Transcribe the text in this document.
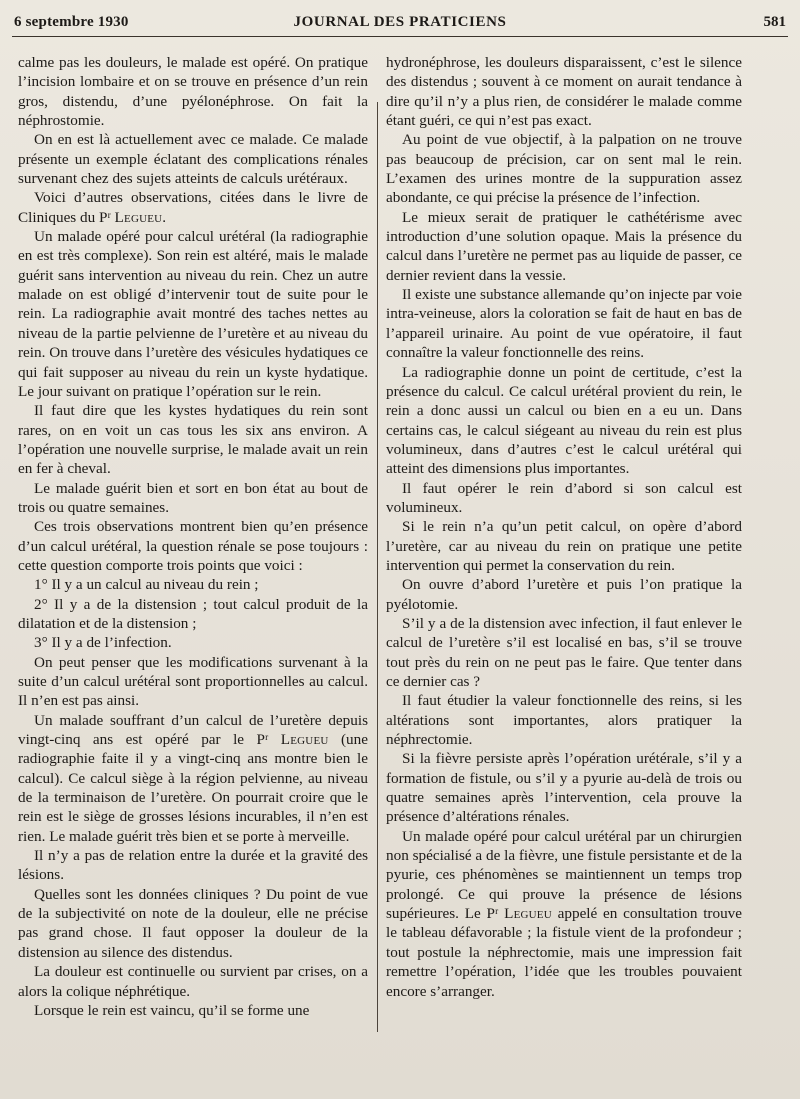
6 septembre 1930	JOURNAL DES PRATICIENS	581

calme pas les douleurs, le malade est opéré. On pratique l’incision lombaire et on se trouve en présence d’un rein gros, distendu, d’une pyélonéphrose. On fait la néphrostomie.

On en est là actuellement avec ce malade. Ce malade présente un exemple éclatant des complications rénales survenant chez des sujets atteints de calculs urétéraux.

Voici d’autres observations, citées dans le livre de Cliniques du Pʳ Legueu.

Un malade opéré pour calcul urétéral (la radiographie en est très complexe). Son rein est altéré, mais le malade guérit sans intervention au niveau du rein. Chez un autre malade on est obligé d’intervenir tout de suite pour le rein. La radiographie avait montré des taches nettes au niveau de la partie pelvienne de l’uretère et au niveau du rein. On trouve dans l’uretère des vésicules hydatiques ce qui fait supposer au niveau du rein un kyste hydatique. Le jour suivant on pratique l’opération sur le rein.

Il faut dire que les kystes hydatiques du rein sont rares, on en voit un cas tous les six ans environ. A l’opération une nouvelle surprise, le malade avait un rein en fer à cheval.

Le malade guérit bien et sort en bon état au bout de trois ou quatre semaines.

Ces trois observations montrent bien qu’en présence d’un calcul urétéral, la question rénale se pose toujours : cette question comporte trois points que voici :

1° Il y a un calcul au niveau du rein ;

2° Il y a de la distension ; tout calcul produit de la dilatation et de la distension ;

3° Il y a de l’infection.

On peut penser que les modifications survenant à la suite d’un calcul urétéral sont proportionnelles au calcul. Il n’en est pas ainsi.

Un malade souffrant d’un calcul de l’uretère depuis vingt-cinq ans est opéré par le Pʳ Legueu (une radiographie faite il y a vingt-cinq ans montre bien le calcul). Ce calcul siège à la région pelvienne, au niveau de la terminaison de l’uretère. On pourrait croire que le rein est le siège de grosses lésions incurables, il n’en est rien. Le malade guérit très bien et se porte à merveille.

Il n’y a pas de relation entre la durée et la gravité des lésions.

Quelles sont les données cliniques ? Du point de vue de la subjectivité on note de la douleur, elle ne précise pas grand chose. Il faut opposer la douleur de la distension au silence des distendus.

La douleur est continuelle ou survient par crises, on a alors la colique néphrétique.

Lorsque le rein est vaincu, qu’il se forme une

hydronéphrose, les douleurs disparaissent, c’est le silence des distendus ; souvent à ce moment on aurait tendance à dire qu’il n’y a plus rien, de considérer le malade comme étant guéri, ce qui n’est pas exact.

Au point de vue objectif, à la palpation on ne trouve pas beaucoup de précision, car on sent mal le rein. L’examen des urines montre de la suppuration assez abondante, ce qui précise la présence de l’infection.

Le mieux serait de pratiquer le cathétérisme avec introduction d’une solution opaque. Mais la présence du calcul dans l’uretère ne permet pas au liquide de passer, ce dernier revient dans la vessie.

Il existe une substance allemande qu’on injecte par voie intra-veineuse, alors la coloration se fait de haut en bas de l’appareil urinaire. Au point de vue opératoire, il faut connaître la valeur fonctionnelle des reins.

La radiographie donne un point de certitude, c’est la présence du calcul. Ce calcul urétéral provient du rein, le rein a donc aussi un calcul ou bien en a eu un. Dans certains cas, le calcul siégeant au niveau du rein est plus volumineux, dans d’autres c’est le calcul urétéral qui atteint des dimensions plus importantes.

Il faut opérer le rein d’abord si son calcul est volumineux.

Si le rein n’a qu’un petit calcul, on opère d’abord l’uretère, car au niveau du rein on pratique une petite intervention qui permet la conservation du rein.

On ouvre d’abord l’uretère et puis l’on pratique la pyélotomie.

S’il y a de la distension avec infection, il faut enlever le calcul de l’uretère s’il est localisé en bas, s’il se trouve tout près du rein on ne peut pas le faire. Que tenter dans ce dernier cas ?

Il faut étudier la valeur fonctionnelle des reins, si les altérations sont importantes, alors pratiquer la néphrectomie.

Si la fièvre persiste après l’opération urétérale, s’il y a formation de fistule, ou s’il y a pyurie au-delà de trois ou quatre semaines après l’intervention, cela prouve la présence d’altérations rénales.

Un malade opéré pour calcul urétéral par un chirurgien non spécialisé a de la fièvre, une fistule persistante et de la pyurie, ces phénomènes se maintiennent un temps trop prolongé. Ce qui prouve la présence de lésions supérieures. Le Pʳ Legueu appelé en consultation trouve le tableau défavorable ; la fistule vient de la profondeur ; tout postule la néphrectomie, mais une impression fait remettre l’opération, l’idée que les troubles pouvaient encore s’arranger.
